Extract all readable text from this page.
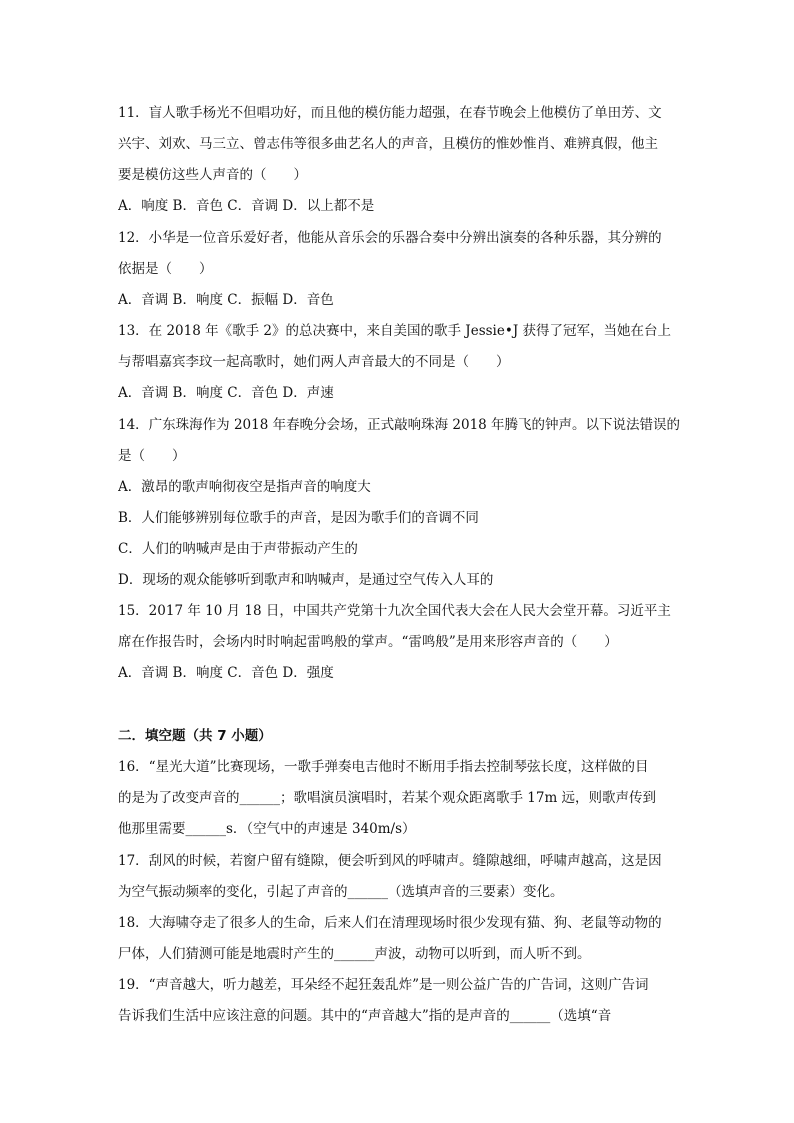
11．盲人歌手杨光不但唱功好，而且他的模仿能力超强，在春节晚会上他模仿了单田芳、文
兴宇、刘欢、马三立、曾志伟等很多曲艺名人的声音，且模仿的惟妙惟肖、难辨真假，他主
要是模仿这些人声音的（　　）
A．响度 B．音色 C．音调 D．以上都不是
12．小华是一位音乐爱好者，他能从音乐会的乐器合奏中分辨出演奏的各种乐器，其分辨的
依据是（　　）
A．音调 B．响度 C．振幅 D．音色
13．在 2018 年《歌手 2》的总决赛中，来自美国的歌手 Jessie•J 获得了冠军，当她在台上
与帮唱嘉宾李玟一起高歌时，她们两人声音最大的不同是（　　）
A．音调 B．响度 C．音色 D．声速
14．广东珠海作为 2018 年春晚分会场，正式敲响珠海 2018 年腾飞的钟声。以下说法错误的
是（　　）
A．激昂的歌声响彻夜空是指声音的响度大
B．人们能够辨别每位歌手的声音，是因为歌手们的音调不同
C．人们的呐喊声是由于声带振动产生的
D．现场的观众能够听到歌声和呐喊声，是通过空气传入人耳的
15．2017 年 10 月 18 日，中国共产党第十九次全国代表大会在人民大会堂开幕。习近平主
席在作报告时，会场内时时响起雷鸣般的掌声。“雷鸣般”是用来形容声音的（　　）
A．音调 B．响度 C．音色 D．强度
二．填空题（共 7 小题）
16．“星光大道”比赛现场，一歌手弹奏电吉他时不断用手指去控制琴弦长度，这样做的目
的是为了改变声音的______；歌唱演员演唱时，若某个观众距离歌手 17m 远，则歌声传到
他那里需要______s．（空气中的声速是 340m/s）
17．刮风的时候，若窗户留有缝隙，便会听到风的呼啸声。缝隙越细，呼啸声越高，这是因
为空气振动频率的变化，引起了声音的______（选填声音的三要素）变化。
18．大海啸夺走了很多人的生命，后来人们在清理现场时很少发现有猫、狗、老鼠等动物的
尸体，人们猜测可能是地震时产生的______声波，动物可以听到，而人听不到。
19．“声音越大，听力越差，耳朵经不起狂轰乱炸”是一则公益广告的广告词，这则广告词
告诉我们生活中应该注意的问题。其中的“声音越大”指的是声音的______（选填“音
